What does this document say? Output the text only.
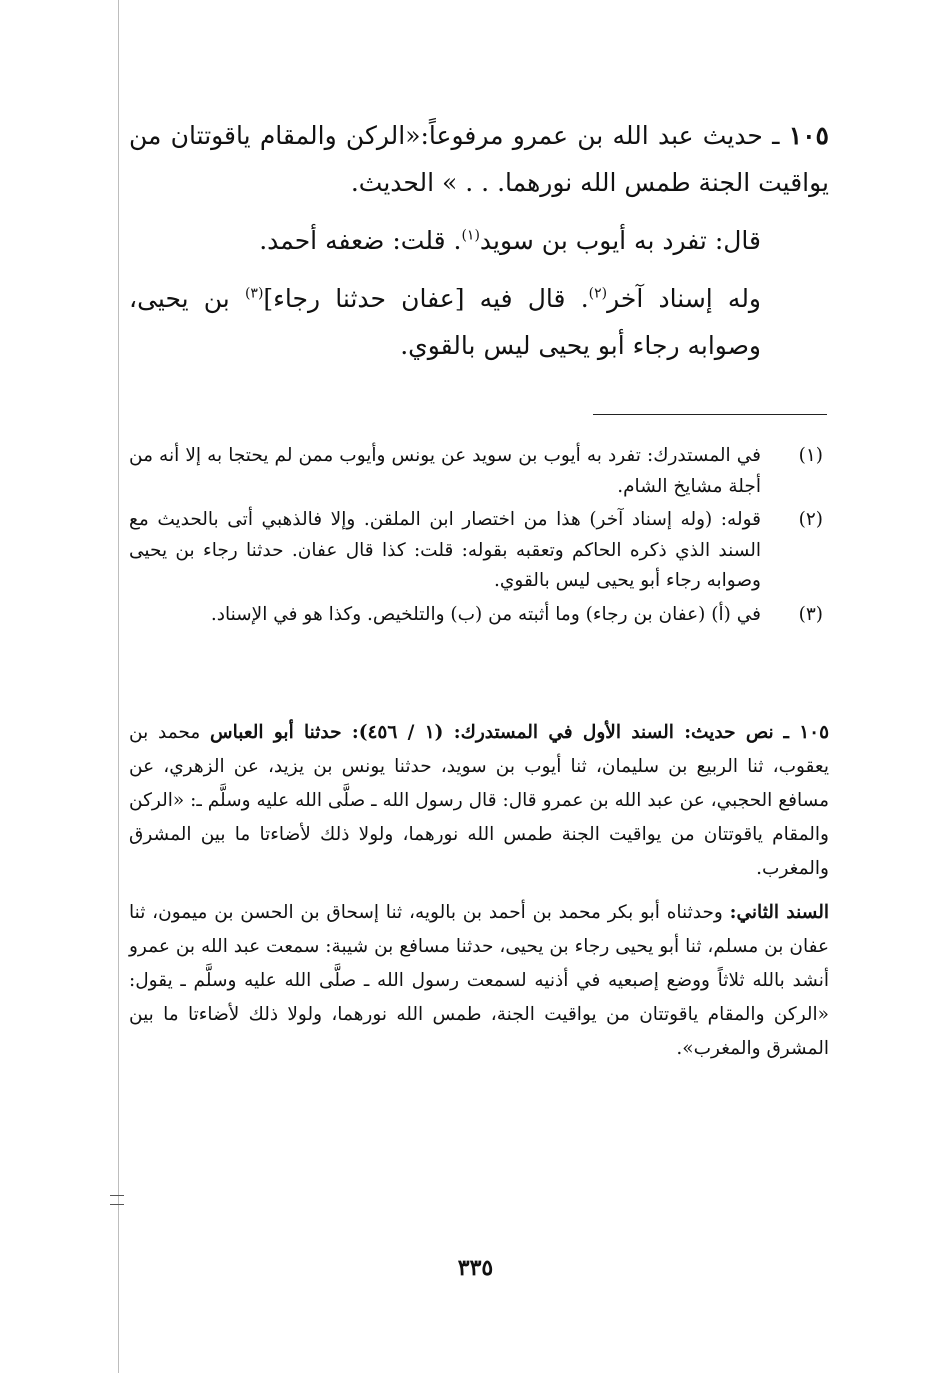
١٠٥ ـ حديث عبد الله بن عمرو مرفوعاً:«الركن والمقام ياقوتتان من يواقيت الجنة طمس الله نورهما. . . » الحديث.

قال: تفرد به أيوب بن سويد$^{(١)}$. قلت: ضعفه أحمد.

وله إسناد آخر$^{(٢)}$. قال فيه [عفان حدثنا رجاء]$^{(٣)}$ بن يحيى، وصوابه رجاء أبو يحيى ليس بالقوي.

(١)
في المستدرك: تفرد به أيوب بن سويد عن يونس وأيوب ممن لم يحتجا به إلا أنه من أجلة مشايخ الشام.
(٢)
قوله: (وله إسناد آخر) هذا من اختصار ابن الملقن. وإلا فالذهبي أتى بالحديث مع السند الذي ذكره الحاكم وتعقبه بقوله: قلت: كذا قال عفان. حدثنا رجاء بن يحيى وصوابه رجاء أبو يحيى ليس بالقوي.
(٣)
في (أ) (عفان بن رجاء) وما أثبته من (ب) والتلخيص. وكذا هو في الإسناد.

١٠٥ ـ نص حديث: السند الأول في المستدرك: (١ / ٤٥٦): حدثنا أبو العباس محمد بن يعقوب، ثنا الربيع بن سليمان، ثنا أيوب بن سويد، حدثنا يونس بن يزيد، عن الزهري، عن مسافع الحجبي، عن عبد الله بن عمرو قال: قال رسول الله ـ صلَّى الله عليه وسلَّم ـ: «الركن والمقام ياقوتتان من يواقيت الجنة طمس الله نورهما، ولولا ذلك لأضاءتا ما بين المشرق والمغرب.

السند الثاني: وحدثناه أبو بكر محمد بن أحمد بن بالويه، ثنا إسحاق بن الحسن بن ميمون، ثنا عفان بن مسلم، ثنا أبو يحيى رجاء بن يحيى، حدثنا مسافع بن شيبة: سمعت عبد الله بن عمرو أنشد بالله ثلاثاً ووضع إصبعيه في أذنيه لسمعت رسول الله ـ صلَّى الله عليه وسلَّم ـ يقول: «الركن والمقام ياقوتتان من يواقيت الجنة، طمس الله نورهما، ولولا ذلك لأضاءتا ما بين المشرق والمغرب».

٣٣٥
